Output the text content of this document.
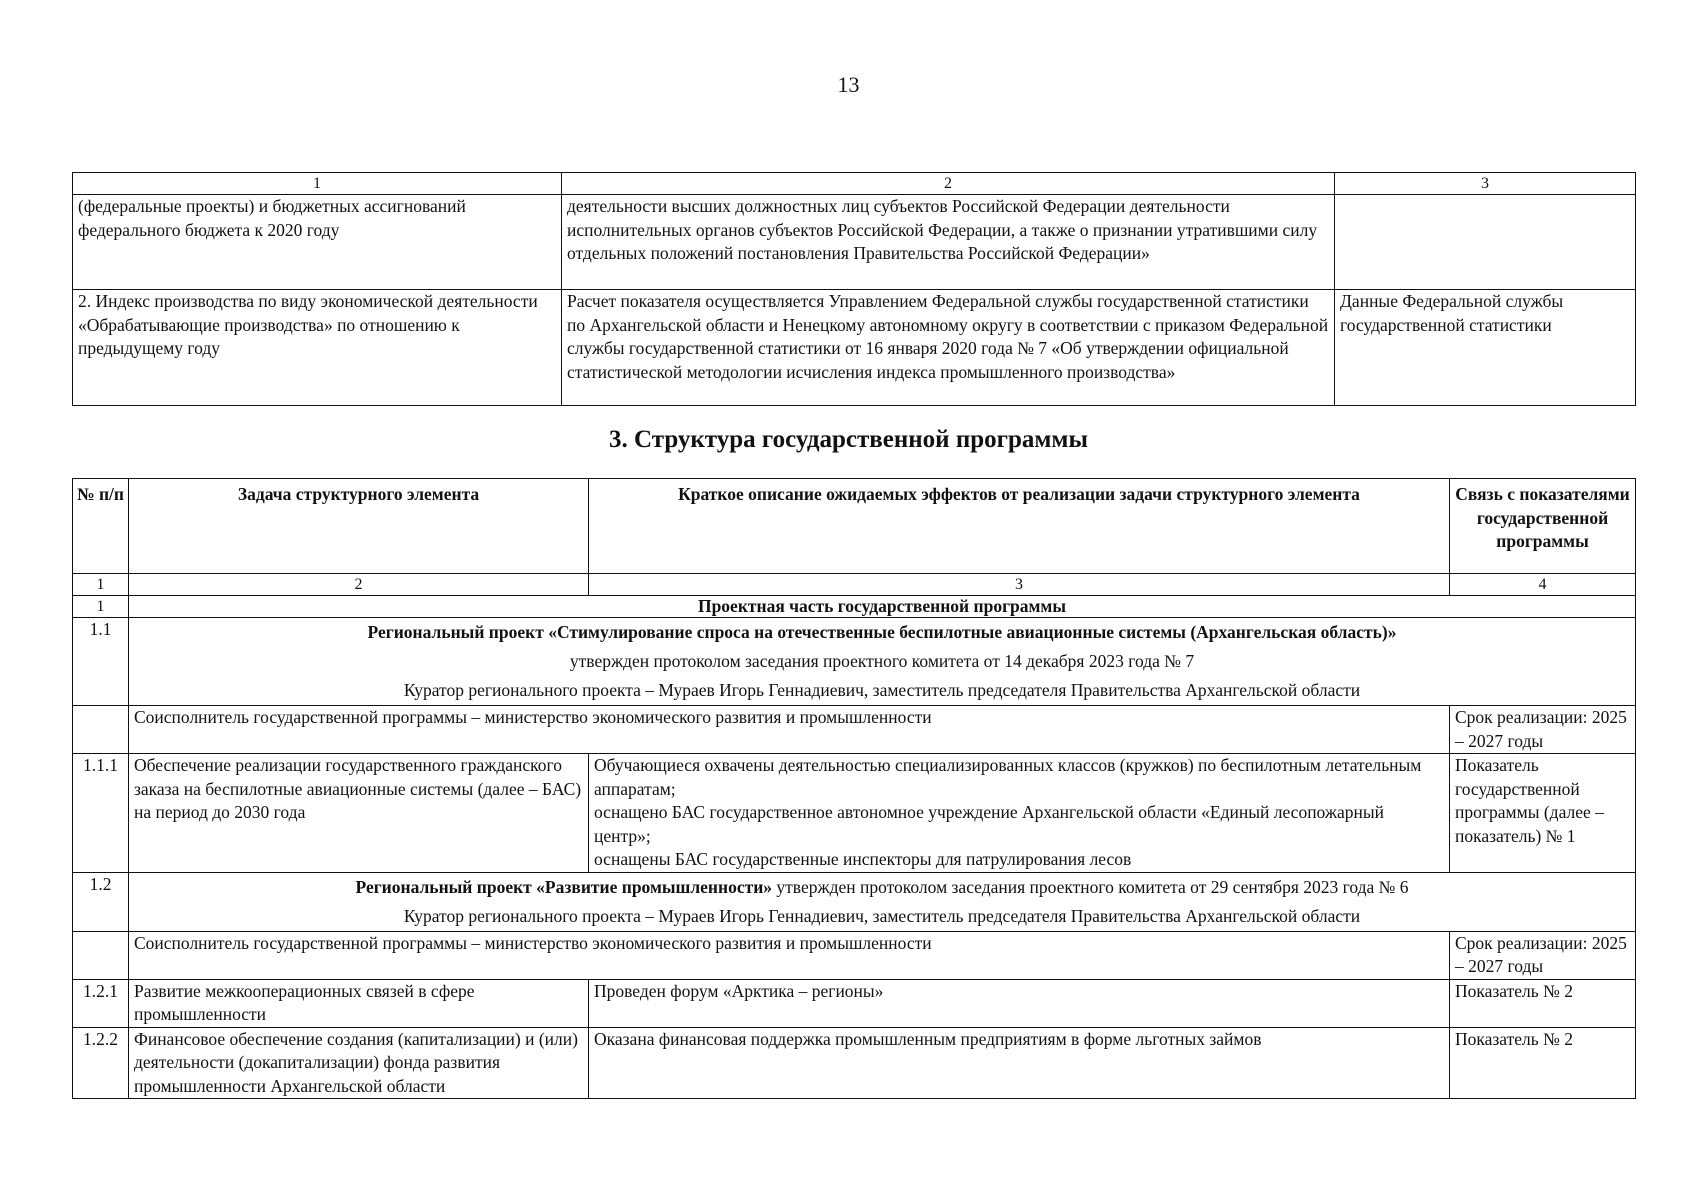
13
1	2	3
(федеральные проекты) и бюджетных ассигнований федерального бюджета к 2020 году	деятельности высших должностных лиц субъектов Российской Федерации деятельности исполнительных органов субъектов Российской Федерации, а также о признании утратившими силу отдельных положений постановления Правительства Российской Федерации»	
2. Индекс производства по виду экономической деятельности «Обрабатывающие производства» по отношению к предыдущему году	Расчет показателя осуществляется Управлением Федеральной службы государственной статистики по Архангельской области и Ненецкому автономному округу в соответствии с приказом Федеральной службы государственной статистики от 16 января 2020 года № 7 «Об утверждении официальной статистической методологии исчисления индекса промышленного производства»	Данные Федеральной службы государственной статистики
3. Структура государственной программы
№ п/п	Задача структурного элемента	Краткое описание ожидаемых эффектов от реализации задачи структурного элемента	Связь с показателями государственной программы
1	2	3	4
1	Проектная часть государственной программы		
1.1	Региональный проект «Стимулирование спроса на отечественные беспилотные авиационные системы (Архангельская область)»
утвержден протоколом заседания проектного комитета от 14 декабря 2023 года № 7
Куратор регионального проекта – Мураев Игорь Геннадиевич, заместитель председателя Правительства Архангельской области		

	Соисполнитель государственной программы – министерство экономического развития и промышленности		Срок реализации: 2025 – 2027 годы
1.1.1	Обеспечение реализации государственного гражданского заказа на беспилотные авиационные системы (далее – БАС) на период до 2030 года	Обучающиеся охвачены деятельностью специализированных классов (кружков) по беспилотным летательным аппаратам;
оснащено БАС государственное автономное учреждение Архангельской области «Единый лесопожарный центр»;
оснащены БАС государственные инспекторы для патрулирования лесов	Показатель государственной программы (далее – показатель) № 1
1.2	Региональный проект «Развитие промышленности» утвержден протоколом заседания проектного комитета от 29 сентября 2023 года № 6
Куратор регионального проекта – Мураев Игорь Геннадиевич, заместитель председателя Правительства Архангельской области		

	Соисполнитель государственной программы – министерство экономического развития и промышленности		Срок реализации: 2025 – 2027 годы
1.2.1	Развитие межкооперационных связей в сфере промышленности	Проведен форум «Арктика – регионы»	Показатель № 2
1.2.2	Финансовое обеспечение создания (капитализации) и (или) деятельности (докапитализации) фонда развития промышленности Архангельской области	Оказана финансовая поддержка промышленным предприятиям в форме льготных займов	Показатель № 2
